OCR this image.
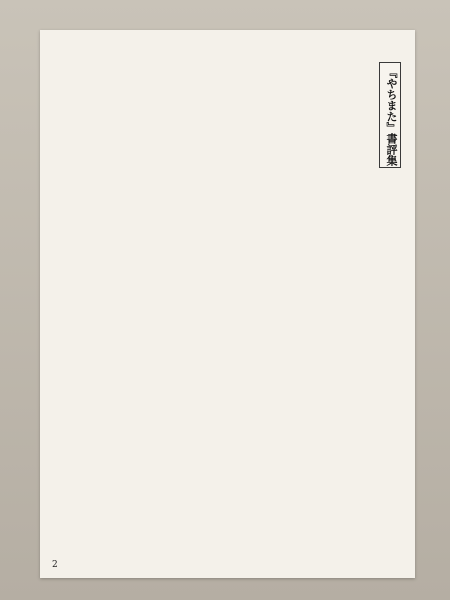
『やちまた』書評集
2
